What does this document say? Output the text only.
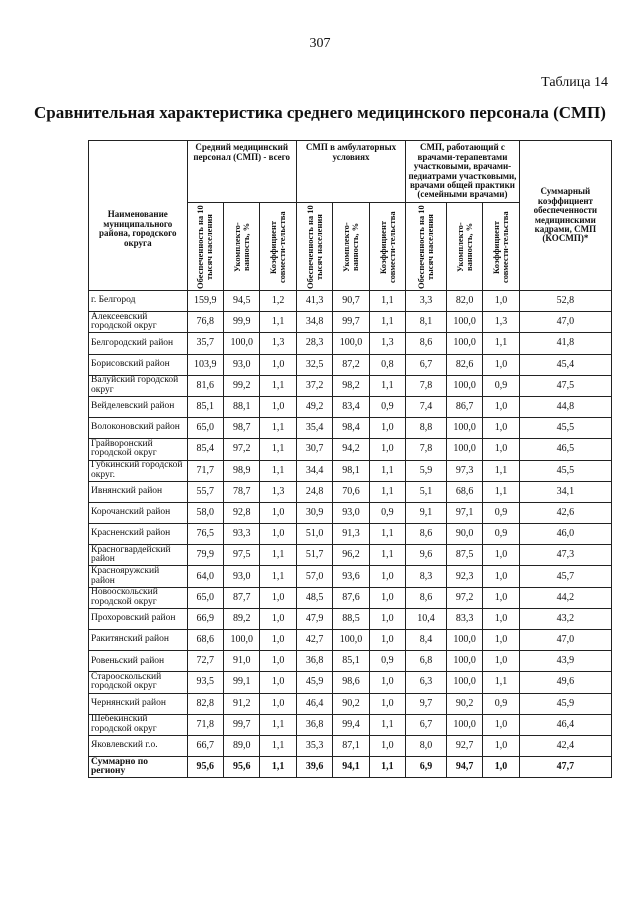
307
Таблица 14
Сравнительная характеристика среднего медицинского персонала (СМП)
Наименование муниципального района, городского округа	Средний медицинский персонал (СМП) - всего			СМП в амбулаторных условиях			СМП, работающий с врачами-терапевтами участковыми, врачами-педиатрами участковыми, врачами общей практики (семейными врачами)			Суммарный коэффициент обеспеченности медицинскими кадрами, СМП (КОСМП)*

	Обеспеченность на 10 тысяч населения	Укомплекто-ванность, %	Коэффициент совмести-тельства	Обеспеченность на 10 тысяч населения	Укомплекто-ванность, %	Коэффициент совмести-тельства	Обеспеченность на 10 тысяч населения	Укомплекто-ванность, %	Коэффициент совмести-тельства	

г. Белгород	159,9	94,5	1,2	41,3	90,7	1,1	3,3	82,0	1,0	52,8
Алексеевский городской округ	76,8	99,9	1,1	34,8	99,7	1,1	8,1	100,0	1,3	47,0
Белгородский район	35,7	100,0	1,3	28,3	100,0	1,3	8,6	100,0	1,1	41,8
Борисовский район	103,9	93,0	1,0	32,5	87,2	0,8	6,7	82,6	1,0	45,4
Валуйский городской округ	81,6	99,2	1,1	37,2	98,2	1,1	7,8	100,0	0,9	47,5
Вейделевский район	85,1	88,1	1,0	49,2	83,4	0,9	7,4	86,7	1,0	44,8
Волоконовский район	65,0	98,7	1,1	35,4	98,4	1,0	8,8	100,0	1,0	45,5
Грайворонский городской округ	85,4	97,2	1,1	30,7	94,2	1,0	7,8	100,0	1,0	46,5
Губкинский городской округ.	71,7	98,9	1,1	34,4	98,1	1,1	5,9	97,3	1,1	45,5
Ивнянский район	55,7	78,7	1,3	24,8	70,6	1,1	5,1	68,6	1,1	34,1
Корочанский район	58,0	92,8	1,0	30,9	93,0	0,9	9,1	97,1	0,9	42,6
Красненский район	76,5	93,3	1,0	51,0	91,3	1,1	8,6	90,0	0,9	46,0
Красногвардейский район	79,9	97,5	1,1	51,7	96,2	1,1	9,6	87,5	1,0	47,3
Краснояружский район	64,0	93,0	1,1	57,0	93,6	1,0	8,3	92,3	1,0	45,7
Новооскольский городской округ	65,0	87,7	1,0	48,5	87,6	1,0	8,6	97,2	1,0	44,2
Прохоровский район	66,9	89,2	1,0	47,9	88,5	1,0	10,4	83,3	1,0	43,2
Ракитянский район	68,6	100,0	1,0	42,7	100,0	1,0	8,4	100,0	1,0	47,0
Ровеньский район	72,7	91,0	1,0	36,8	85,1	0,9	6,8	100,0	1,0	43,9
Старооскольский городской округ	93,5	99,1	1,0	45,9	98,6	1,0	6,3	100,0	1,1	49,6
Чернянский район	82,8	91,2	1,0	46,4	90,2	1,0	9,7	90,2	0,9	45,9
Шебекинский городской округ	71,8	99,7	1,1	36,8	99,4	1,1	6,7	100,0	1,0	46,4
Яковлевский г.о.	66,7	89,0	1,1	35,3	87,1	1,0	8,0	92,7	1,0	42,4
Суммарно по региону	95,6	95,6	1,1	39,6	94,1	1,1	6,9	94,7	1,0	47,7
